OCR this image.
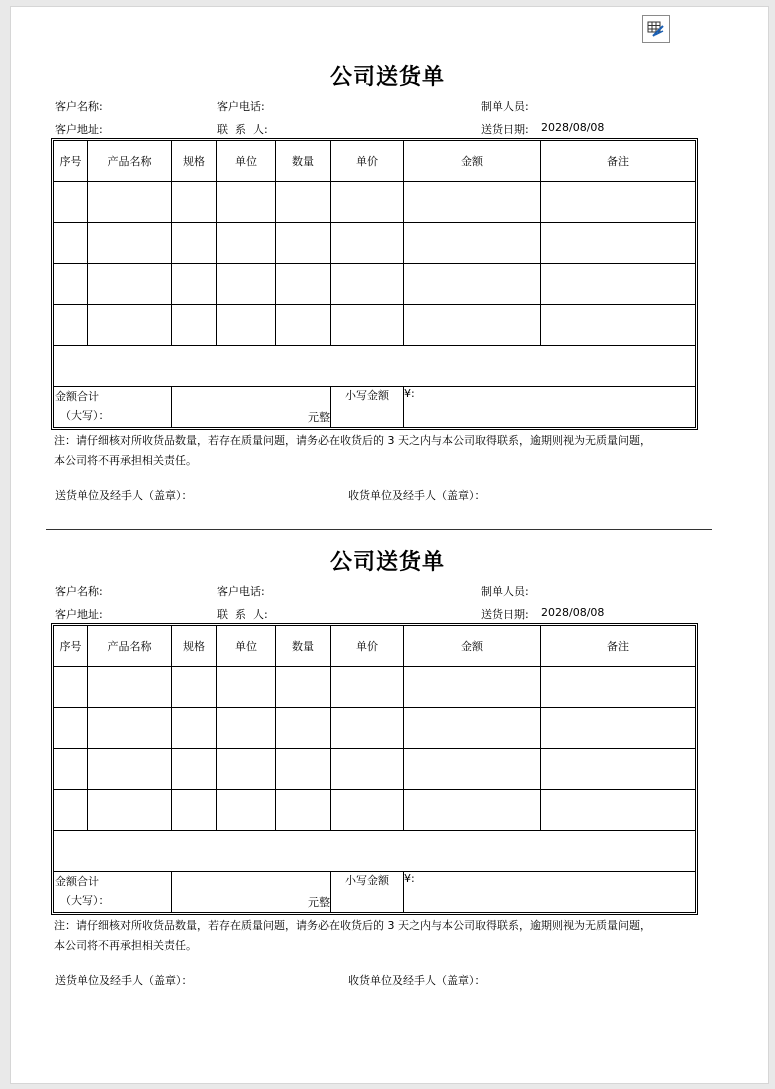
公司送货单
客户名称:	客户电话:	制单人员:
客户地址:	联  系  人:	送货日期: 2028/08/08
序号	产品名称	规格	单位	数量	单价	金额	备注

金额合计
（大写）：		元整			小写金额	¥:	
注：请仔细核对所收货品数量，若存在质量问题，请务必在收货后的 3 天之内与本公司取得联系，逾期则视为无质量问题，
本公司将不再承担相关责任。
送货单位及经手人（盖章）：	收货单位及经手人（盖章）：
公司送货单
客户名称:	客户电话:	制单人员:
客户地址:	联  系  人:	送货日期: 2028/08/08
序号	产品名称	规格	单位	数量	单价	金额	备注

金额合计
（大写）：		元整			小写金额	¥:	
注：请仔细核对所收货品数量，若存在质量问题，请务必在收货后的 3 天之内与本公司取得联系，逾期则视为无质量问题，
本公司将不再承担相关责任。
送货单位及经手人（盖章）：	收货单位及经手人（盖章）：
